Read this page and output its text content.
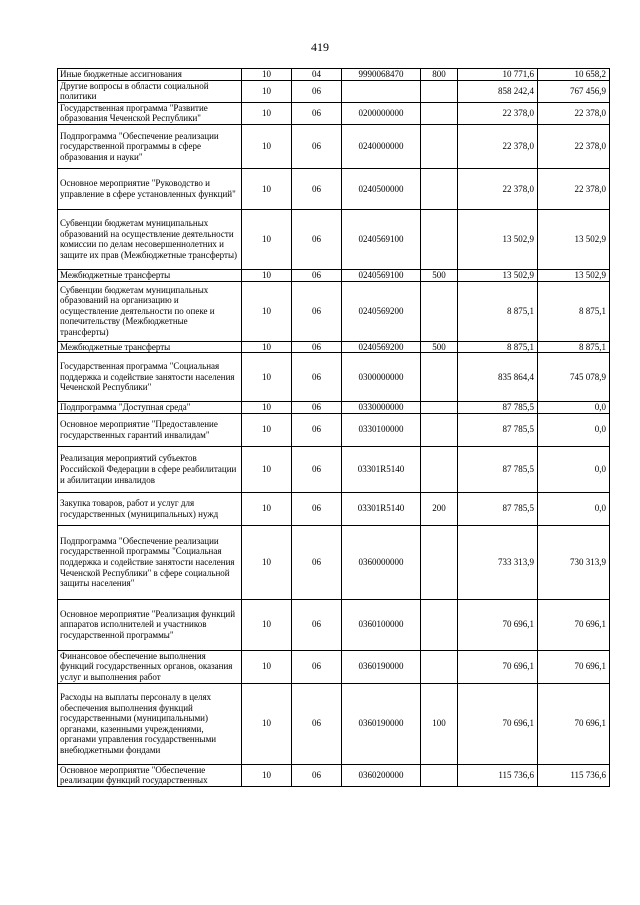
419
Иные бюджетные ассигнования	10	04	9990068470	800	10 771,6	10 658,2
Другие вопросы в области социальной политики	10	06			858 242,4	767 456,9
Государственная программа "Развитие образования Чеченской Республики"	10	06	0200000000		22 378,0	22 378,0
Подпрограмма "Обеспечение реализации государственной программы в сфере образования и науки"	10	06	0240000000		22 378,0	22 378,0
Основное мероприятие "Руководство и управление в сфере установленных функций"	10	06	0240500000		22 378,0	22 378,0
Субвенции бюджетам муниципальных образований на осуществление деятельности комиссии по делам несовершеннолетних и защите их прав (Межбюджетные трансферты)	10	06	0240569100		13 502,9	13 502,9
Межбюджетные трансферты	10	06	0240569100	500	13 502,9	13 502,9
Субвенции бюджетам муниципальных образований на организацию и осуществление деятельности по опеке и попечительству (Межбюджетные трансферты)	10	06	0240569200		8 875,1	8 875,1
Межбюджетные трансферты	10	06	0240569200	500	8 875,1	8 875,1
Государственная программа "Социальная поддержка и содействие занятости населения Чеченской Республики"	10	06	0300000000		835 864,4	745 078,9
Подпрограмма "Доступная среда"	10	06	0330000000		87 785,5	0,0
Основное мероприятие "Предоставление государственных гарантий инвалидам"	10	06	0330100000		87 785,5	0,0
Реализация мероприятий субъектов Российской Федерации в сфере реабилитации и абилитации инвалидов	10	06	03301R5140		87 785,5	0,0
Закупка товаров, работ и услуг для государственных (муниципальных) нужд	10	06	03301R5140	200	87 785,5	0,0
Подпрограмма "Обеспечение реализации государственной программы "Социальная поддержка и содействие занятости населения Чеченской Республики" в сфере социальной защиты населения"	10	06	0360000000		733 313,9	730 313,9
Основное мероприятие "Реализация функций аппаратов исполнителей и участников государственной программы"	10	06	0360100000		70 696,1	70 696,1
Финансовое обеспечение выполнения функций государственных органов, оказания услуг и выполнения работ	10	06	0360190000		70 696,1	70 696,1
Расходы на выплаты персоналу в целях обеспечения выполнения функций государственными (муниципальными) органами, казенными учреждениями, органами управления государственными внебюджетными фондами	10	06	0360190000	100	70 696,1	70 696,1
Основное мероприятие "Обеспечение реализации функций государственных	10	06	0360200000		115 736,6	115 736,6
